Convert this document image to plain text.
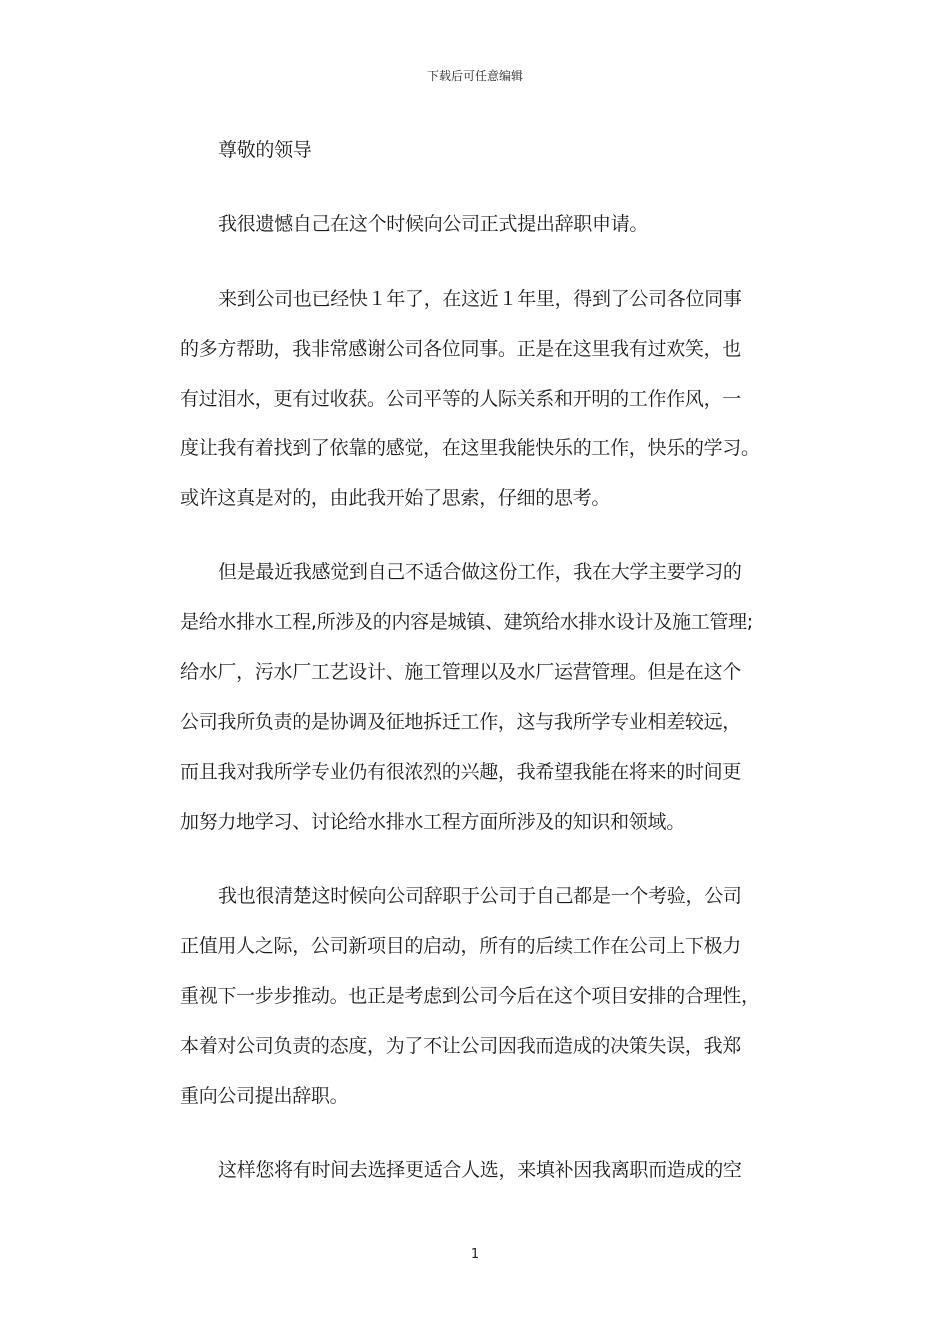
下载后可任意编辑
尊敬的领导
我很遗憾自己在这个时候向公司正式提出辞职申请。
来到公司也已经快１年了，在这近１年里，得到了公司各位同事
的多方帮助，我非常感谢公司各位同事。正是在这里我有过欢笑，也
有过泪水，更有过收获。公司平等的人际关系和开明的工作作风，一
度让我有着找到了依靠的感觉，在这里我能快乐的工作，快乐的学习。
或许这真是对的，由此我开始了思索，仔细的思考。
但是最近我感觉到自己不适合做这份工作，我在大学主要学习的
是给水排水工程,所涉及的内容是城镇、建筑给水排水设计及施工管理;
给水厂，污水厂工艺设计、施工管理以及水厂运营管理。但是在这个
公司我所负责的是协调及征地拆迁工作，这与我所学专业相差较远，
而且我对我所学专业仍有很浓烈的兴趣，我希望我能在将来的时间更
加努力地学习、讨论给水排水工程方面所涉及的知识和领域。
我也很清楚这时候向公司辞职于公司于自己都是一个考验，公司
正值用人之际，公司新项目的启动，所有的后续工作在公司上下极力
重视下一步步推动。也正是考虑到公司今后在这个项目安排的合理性，
本着对公司负责的态度，为了不让公司因我而造成的决策失误，我郑
重向公司提出辞职。
这样您将有时间去选择更适合人选，来填补因我离职而造成的空
1
